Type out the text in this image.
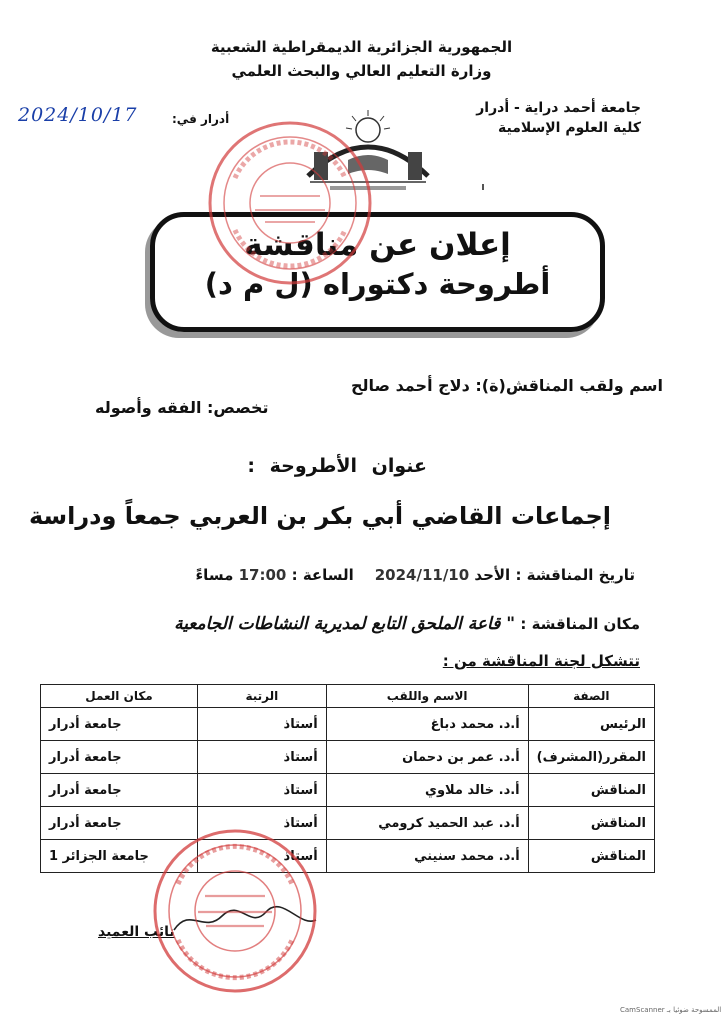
الجمهورية الجزائرية الديمقراطية الشعبية
وزارة التعليم العالي والبحث العلمي
جامعة أحمد دراية - أدرار
كلية العلوم الإسلامية
أدرار في:
2024/10/17
إعلان عن مناقشة
أطروحة دكتوراه (ل م د)
اسم ولقب المناقش(ة): دلاج أحمد صالح
تخصص: الفقه وأصوله
عنوان الأطروحة :
إجماعات القاضي أبي بكر بن العربي جمعاً ودراسة
تاريخ المناقشة : الأحد 2024/11/10    الساعة : 17:00 مساءً
مكان المناقشة : " قاعة الملحق التابع لمديرية النشاطات الجامعية
تتشكل لجنة المناقشة من :
الصفة	الاسم واللقب	الرتبة	مكان العمل
الرئيس	أ.د. محمد دباغ	أستاذ	جامعة أدرار
المقرر(المشرف)	أ.د. عمر بن دحمان	أستاذ	جامعة أدرار
المناقش	أ.د. خالد ملاوي	أستاذ	جامعة أدرار
المناقش	أ.د. عبد الحميد كرومي	أستاذ	جامعة أدرار
المناقش	أ.د. محمد سنيني	أستاذ	جامعة الجزائر 1
نائب العميد
CamScanner الممسوحة ضوئيا بـ
